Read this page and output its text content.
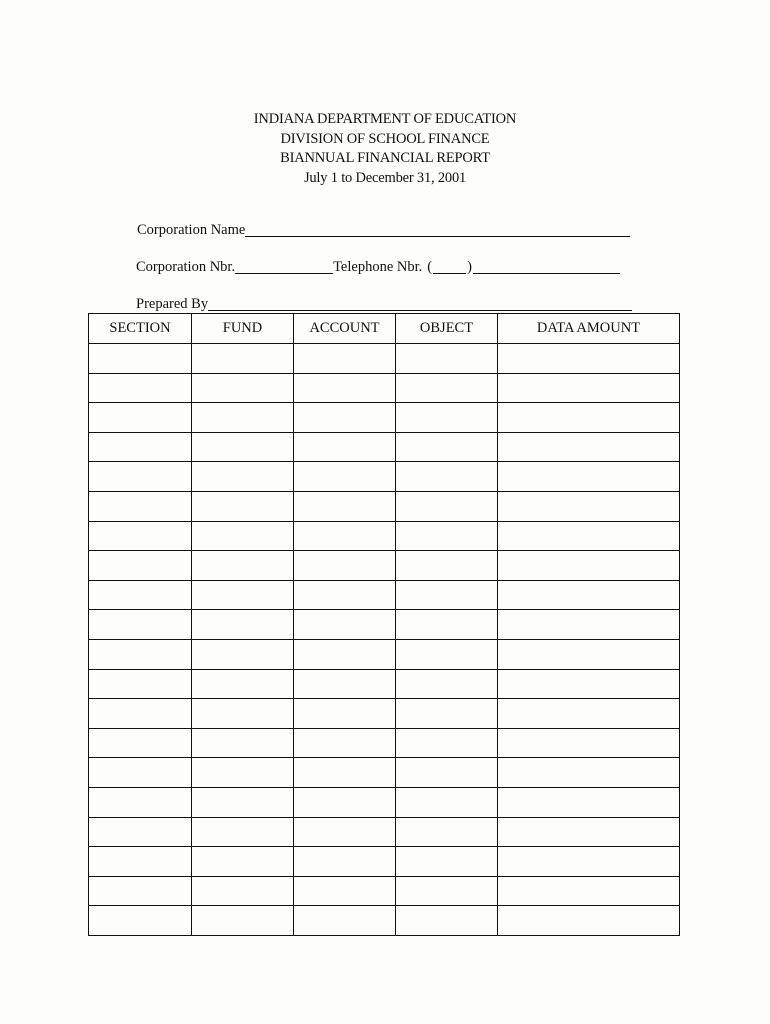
INDIANA DEPARTMENT OF EDUCATION
DIVISION OF SCHOOL FINANCE
BIANNUAL FINANCIAL REPORT
July 1 to December 31, 2001
Corporation Name
Corporation Nbr.	Telephone Nbr. ( )
Prepared By
SECTION	FUND	ACCOUNT	OBJECT	DATA AMOUNT
